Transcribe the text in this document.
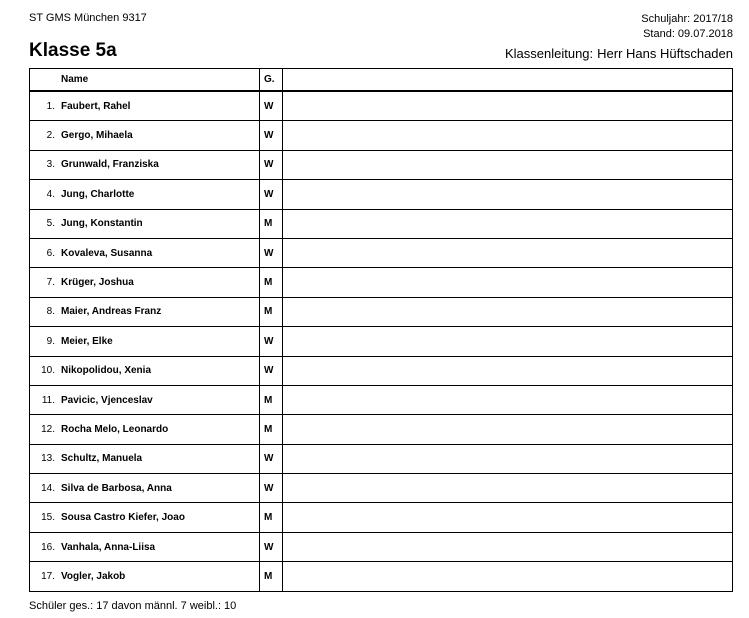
ST GMS München 9317	Schuljahr: 2017/18
Stand: 09.07.2018
Klasse 5a	Klassenleitung: Herr Hans Hüftschaden
	Name	G.	
1.	Faubert, Rahel	W	
2.	Gergo, Mihaela	W	
3.	Grunwald, Franziska	W	
4.	Jung, Charlotte	W	
5.	Jung, Konstantin	M	
6.	Kovaleva, Susanna	W	
7.	Krüger, Joshua	M	
8.	Maier, Andreas Franz	M	
9.	Meier, Elke	W	
10.	Nikopolidou, Xenia	W	
11.	Pavicic, Vjenceslav	M	
12.	Rocha Melo, Leonardo	M	
13.	Schultz, Manuela	W	
14.	Silva de Barbosa, Anna	W	
15.	Sousa Castro Kiefer, Joao	M	
16.	Vanhala, Anna-Liisa	W	
17.	Vogler, Jakob	M	
Schüler ges.: 17 davon männl. 7 weibl.: 10
